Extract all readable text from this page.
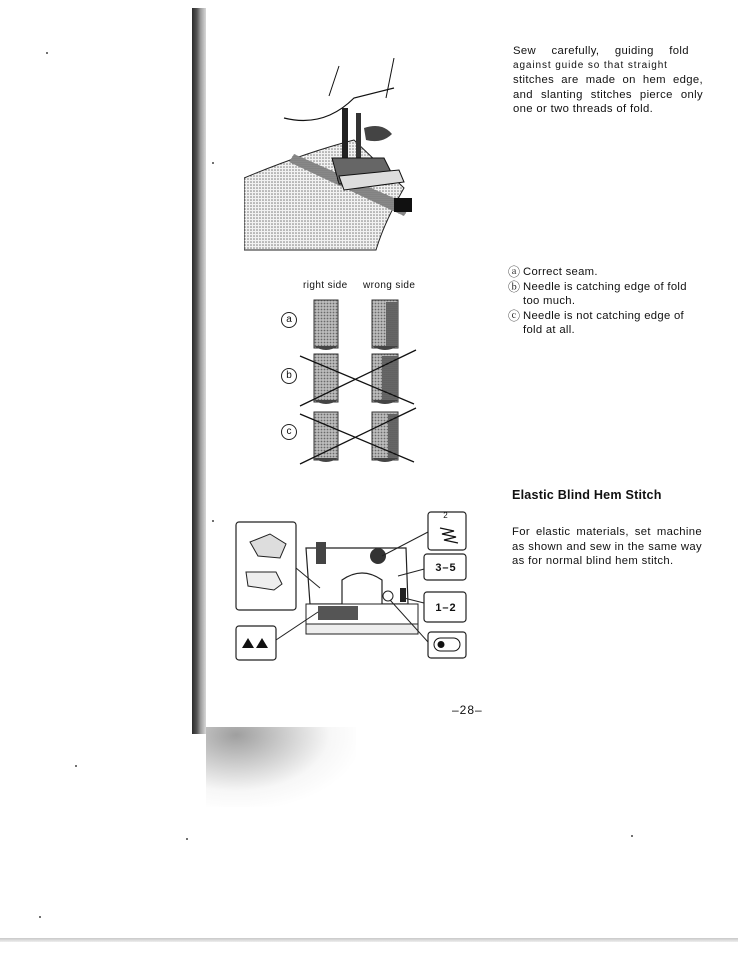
Sew carefully, guiding fold
against guide so that straight
stitches are made on hem edge, and slanting stitches pierce only one or two threads of fold.
right side wrong side
a
b
c
ⓐ Correct seam.
ⓑ Needle is catching edge of fold too much.
ⓒ Needle is not catching edge of fold at all.
Elastic Blind Hem Stitch
For elastic materials, set machine as shown and sew in the same way as for normal blind hem stitch.
2
3–5
1–2
–28–
